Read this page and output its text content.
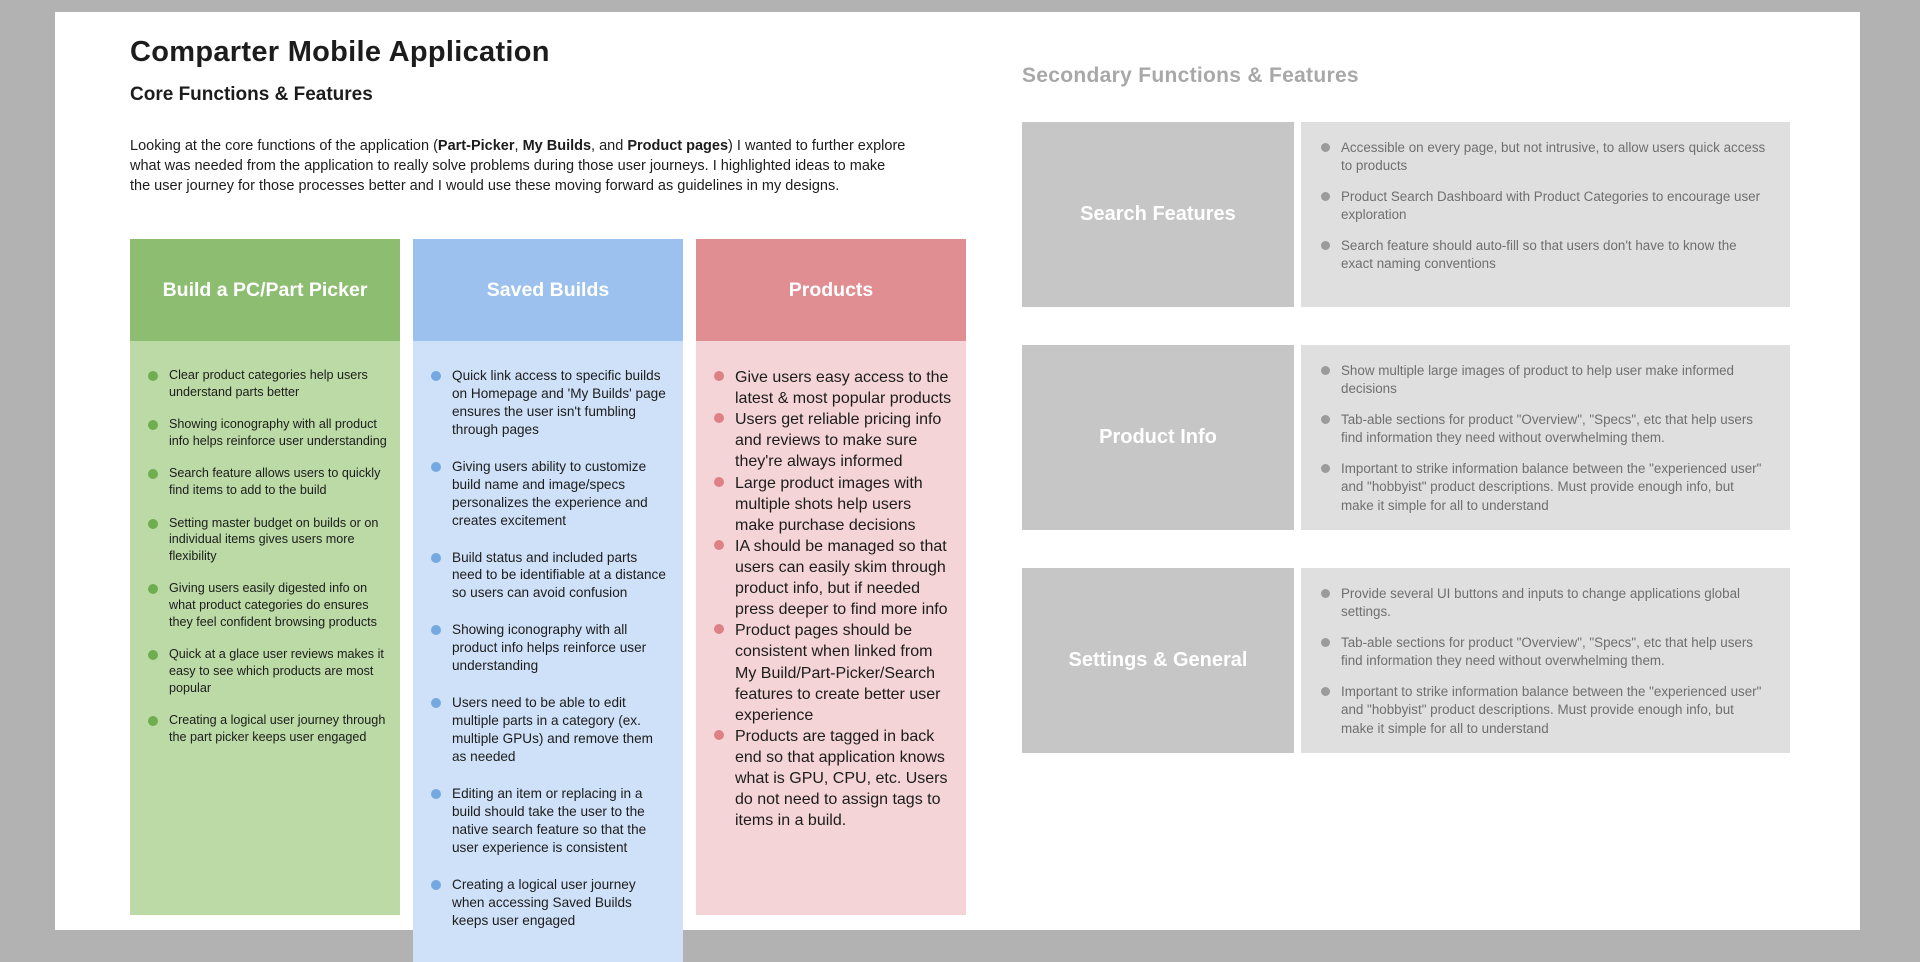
Comparter Mobile Application
Core Functions & Features

Looking at the core functions of the application (Part-Picker, My Builds, and Product pages) I wanted to further explore what was needed from the application to really solve problems during those user journeys. I highlighted ideas to make the user journey for those processes better and I would use these moving forward as guidelines in my designs.

Build a PC/Part Picker
Clear product categories help users understand parts better
Showing iconography with all product info helps reinforce user understanding
Search feature allows users to quickly find items to add to the build
Setting master budget on builds or on individual items gives users more flexibility
Giving users easily digested info on what product categories do ensures they feel confident browsing products
Quick at a glace user reviews makes it easy to see which products are most popular
Creating a logical user journey through the part picker keeps user engaged
Saved Builds
Quick link access to specific builds on Homepage and 'My Builds' page ensures the user isn't fumbling through pages
Giving users ability to customize build name and image/specs personalizes the experience and creates excitement
Build status and included parts need to be identifiable at a distance so users can avoid confusion
Showing iconography with all product info helps reinforce user understanding
Users need to be able to edit multiple parts in a category (ex. multiple GPUs) and remove them as needed
Editing an item or replacing in a build should take the user to the native search feature so that the user experience is consistent
Creating a logical user journey when accessing Saved Builds keeps user engaged
Products
Give users easy access to the latest & most popular products
Users get reliable pricing info and reviews to make sure they're always informed
Large product images with multiple shots help users make purchase decisions
IA should be managed so that users can easily skim through product info, but if needed press deeper to find more info
Product pages should be consistent when linked from My Build/Part-Picker/Search features to create better user experience
Products are tagged in back end so that application knows what is GPU, CPU, etc. Users do not need to assign tags to items in a build.
Secondary Functions & Features
Search Features
Accessible on every page, but not intrusive, to allow users quick access to products
Product Search Dashboard with Product Categories to encourage user exploration
Search feature should auto-fill so that users don't have to know the exact naming conventions
Product Info
Show multiple large images of product to help user make informed decisions
Tab-able sections for product "Overview", "Specs", etc that help users find information they need without overwhelming them.
Important to strike information balance between the "experienced user" and "hobbyist" product descriptions. Must provide enough info, but make it simple for all to understand
Settings & General
Provide several UI buttons and inputs to change applications global settings.
Tab-able sections for product "Overview", "Specs", etc that help users find information they need without overwhelming them.
Important to strike information balance between the "experienced user" and "hobbyist" product descriptions. Must provide enough info, but make it simple for all to understand
